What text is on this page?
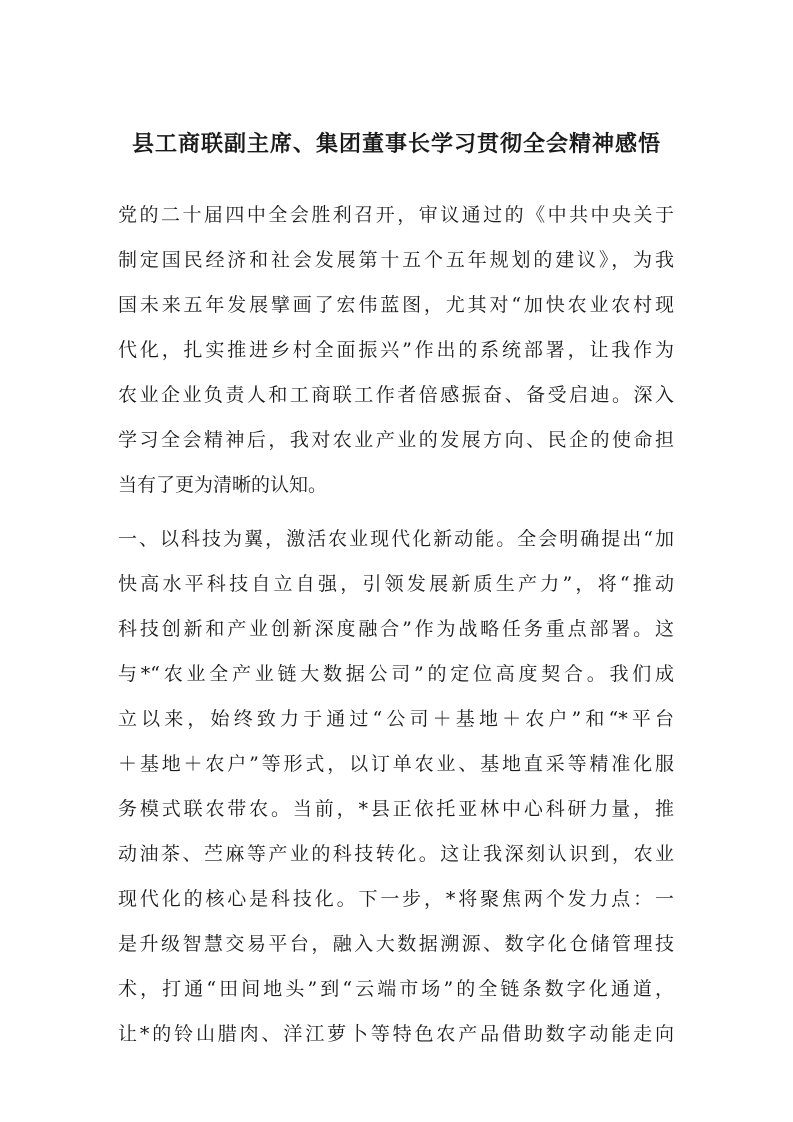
县工商联副主席、集团董事长学习贯彻全会精神感悟
党的二十届四中全会胜利召开，审议通过的《中共中央关于
制定国民经济和社会发展第十五个五年规划的建议》，为我
国未来五年发展擘画了宏伟蓝图，尤其对“加快农业农村现
代化，扎实推进乡村全面振兴”作出的系统部署，让我作为
农业企业负责人和工商联工作者倍感振奋、备受启迪。深入
学习全会精神后，我对农业产业的发展方向、民企的使命担
当有了更为清晰的认知。
一、以科技为翼，激活农业现代化新动能。全会明确提出“加
快高水平科技自立自强，引领发展新质生产力”，将“推动
科技创新和产业创新深度融合”作为战略任务重点部署。这
与*“农业全产业链大数据公司”的定位高度契合。我们成
立以来，始终致力于通过“公司＋基地＋农户”和“*平台
＋基地＋农户”等形式，以订单农业、基地直采等精准化服
务模式联农带农。当前，*县正依托亚林中心科研力量，推
动油茶、苎麻等产业的科技转化。这让我深刻认识到，农业
现代化的核心是科技化。下一步，*将聚焦两个发力点：一
是升级智慧交易平台，融入大数据溯源、数字化仓储管理技
术，打通“田间地头”到“云端市场”的全链条数字化通道，
让*的铃山腊肉、洋江萝卜等特色农产品借助数字动能走向
